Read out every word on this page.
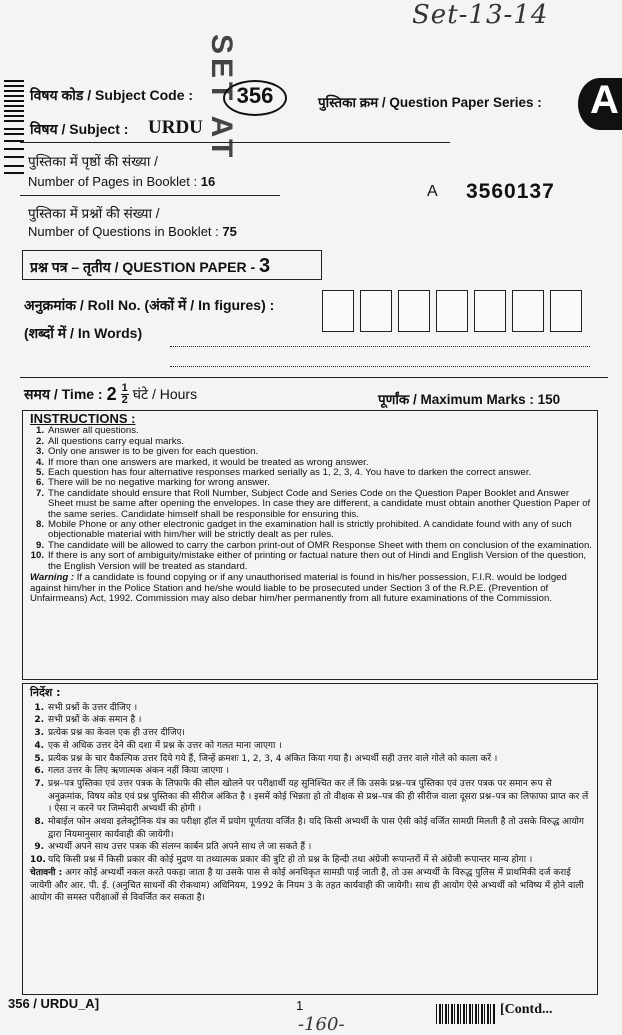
Set-13-14
SET AT
विषय कोड / Subject Code :	356	पुस्तिका क्रम / Question Paper Series : A
विषय / Subject : URDU
पुस्तिका में पृष्ठों की संख्या /
Number of Pages in Booklet : 16
A 3560137
पुस्तिका में प्रश्नों की संख्या /
Number of Questions in Booklet : 75
प्रश्न पत्र – तृतीय / QUESTION PAPER - 3
अनुक्रमांक / Roll No. (अंकों में / In figures) :
(शब्दों में / In Words)
समय / Time : $2 \frac{1}{2}$ घंटे / Hours	पूर्णांक / Maximum Marks : 150
INSTRUCTIONS :
1. Answer all questions.
2. All questions carry equal marks.
3. Only one answer is to be given for each question.
4. If more than one answers are marked, it would be treated as wrong answer.
5. Each question has four alternative responses marked serially as 1, 2, 3, 4. You have to darken the correct answer.
6. There will be no negative marking for wrong answer.
7. The candidate should ensure that Roll Number, Subject Code and Series Code on the Question Paper Booklet and Answer Sheet must be same after opening the envelopes. In case they are different, a candidate must obtain another Question Paper of the same series. Candidate himself shall be responsible for ensuring this.
8. Mobile Phone or any other electronic gadget in the examination hall is strictly prohibited. A candidate found with any of such objectionable material with him/her will be strictly dealt as per rules.
9. The candidate will be allowed to carry the carbon print-out of OMR Response Sheet with them on conclusion of the examination.
10. If there is any sort of ambiguity/mistake either of printing or factual nature then out of Hindi and English Version of the question, the English Version will be treated as standard.
Warning : If a candidate is found copying or if any unauthorised material is found in his/her possession, F.I.R. would be lodged against him/her in the Police Station and he/she would liable to be prosecuted under Section 3 of the R.P.E. (Prevention of Unfairmeans) Act, 1992. Commission may also debar him/her permanently from all future examinations of the Commission.
निर्देश :
1. सभी प्रश्नों के उत्तर दीजिए ।
2. सभी प्रश्नों के अंक समान है ।
3. प्रत्येक प्रश्न का केवल एक ही उत्तर दीजिए।
4. एक से अधिक उत्तर देने की दशा में प्रश्न के उत्तर को गलत माना जाएगा ।
5. प्रत्येक प्रश्न के चार वैकल्पिक उत्तर दिये गये हैं, जिन्हें क्रमशः 1, 2, 3, 4 अंकित किया गया है। अभ्यर्थी सही उत्तर वाले गोले को काला करें ।
6. गलत उत्तर के लिए ऋणात्मक अंकन नहीं किया जाएगा ।
7. प्रश्न–पत्र पुस्तिका एवं उत्तर पत्रक के लिफाफे की सील खोलने पर परीक्षार्थी यह सुनिश्चित कर लें कि उसके प्रश्न–पत्र पुस्तिका एवं उत्तर पत्रक पर समान रूप से अनुक्रमांक, विषय कोड एवं प्रश्न पुस्तिका की सीरीज अंकित है । इसमें कोई भिन्नता हो तो वीक्षक से प्रश्न–पत्र की ही सीरीज वाला दूसरा प्रश्न–पत्र का लिफाफा प्राप्त कर लें । ऐसा न करने पर जिम्मेदारी अभ्यर्थी की होगी ।
8. मोबाईल फोन अथवा इलेक्ट्रोनिक यंत्र का परीक्षा हॉल में प्रयोग पूर्णतया वर्जित है। यदि किसी अभ्यर्थी के पास ऐसी कोई वर्जित सामग्री मिलती है तो उसके विरुद्ध आयोग द्वारा नियमानुसार कार्यवाही की जायेगी।
9. अभ्यर्थी अपने साथ उत्तर पत्रक की संलग्न कार्बन प्रति अपने साथ ले जा सकते हैं ।
10. यदि किसी प्रश्न में किसी प्रकार की कोई मुद्रण या तथ्यात्मक प्रकार की त्रुटि हो तो प्रश्न के हिन्दी तथा अंग्रेजी रूपान्तरों में से अंग्रेजी रूपान्तर मान्य होगा ।
चेतावनी : अगर कोई अभ्यर्थी नकल करते पकड़ा जाता है या उसके पास से कोई अनधिकृत सामग्री पाई जाती है, तो उस अभ्यर्थी के विरुद्ध पुलिस में प्राथमिकी दर्ज कराई जायेगी और आर. पी. ई. (अनुचित साधनों की रोकथाम) अधिनियम, 1992 के नियम 3 के तहत कार्यवाही की जायेगी। साथ ही आयोग ऐसे अभ्यर्थी को भविष्य में होने वाली आयोग की समस्त परीक्षाओं से विवर्जित कर सकता है।
356 / URDU_A]	1
-160-
[Contd...
